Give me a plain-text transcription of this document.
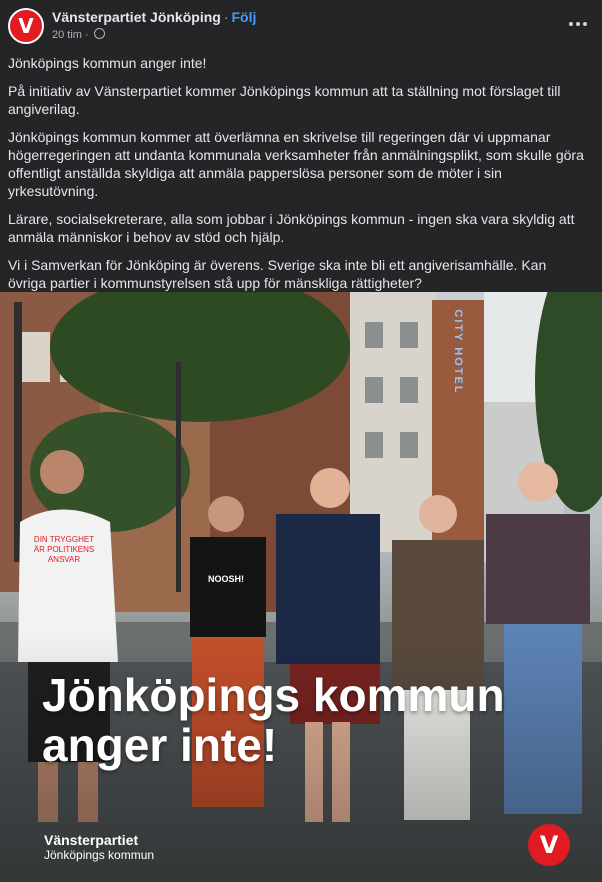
V Vänsterpartiet Jönköping · Följ
20 tim ·

Jönköpings kommun anger inte!

På initiativ av Vänsterpartiet kommer Jönköpings kommun att ta ställning mot förslaget till angiverilag.

Jönköpings kommun kommer att överlämna en skrivelse till regeringen där vi uppmanar högerregeringen att undanta kommunala verksamheter från anmälningsplikt, som skulle göra offentligt anställda skyldiga att anmäla papperslösa personer som de möter i sin yrkesutövning.

Lärare, socialsekreterare, alla som jobbar i Jönköpings kommun - ingen ska vara skyldig att anmäla människor i behov av stöd och hjälp.

Vi i Samverkan för Jönköping är överens. Sverige ska inte bli ett angiverisamhälle. Kan övriga partier i kommunstyrelsen stå upp för mänskliga rättigheter?

CITY HOTEL
DIN TRYGGHET
ÄR POLITIKENS
ANSVAR
NOOSH!
Jönköpings kommun
anger inte!
Vänsterpartiet
Jönköpings kommun	V
